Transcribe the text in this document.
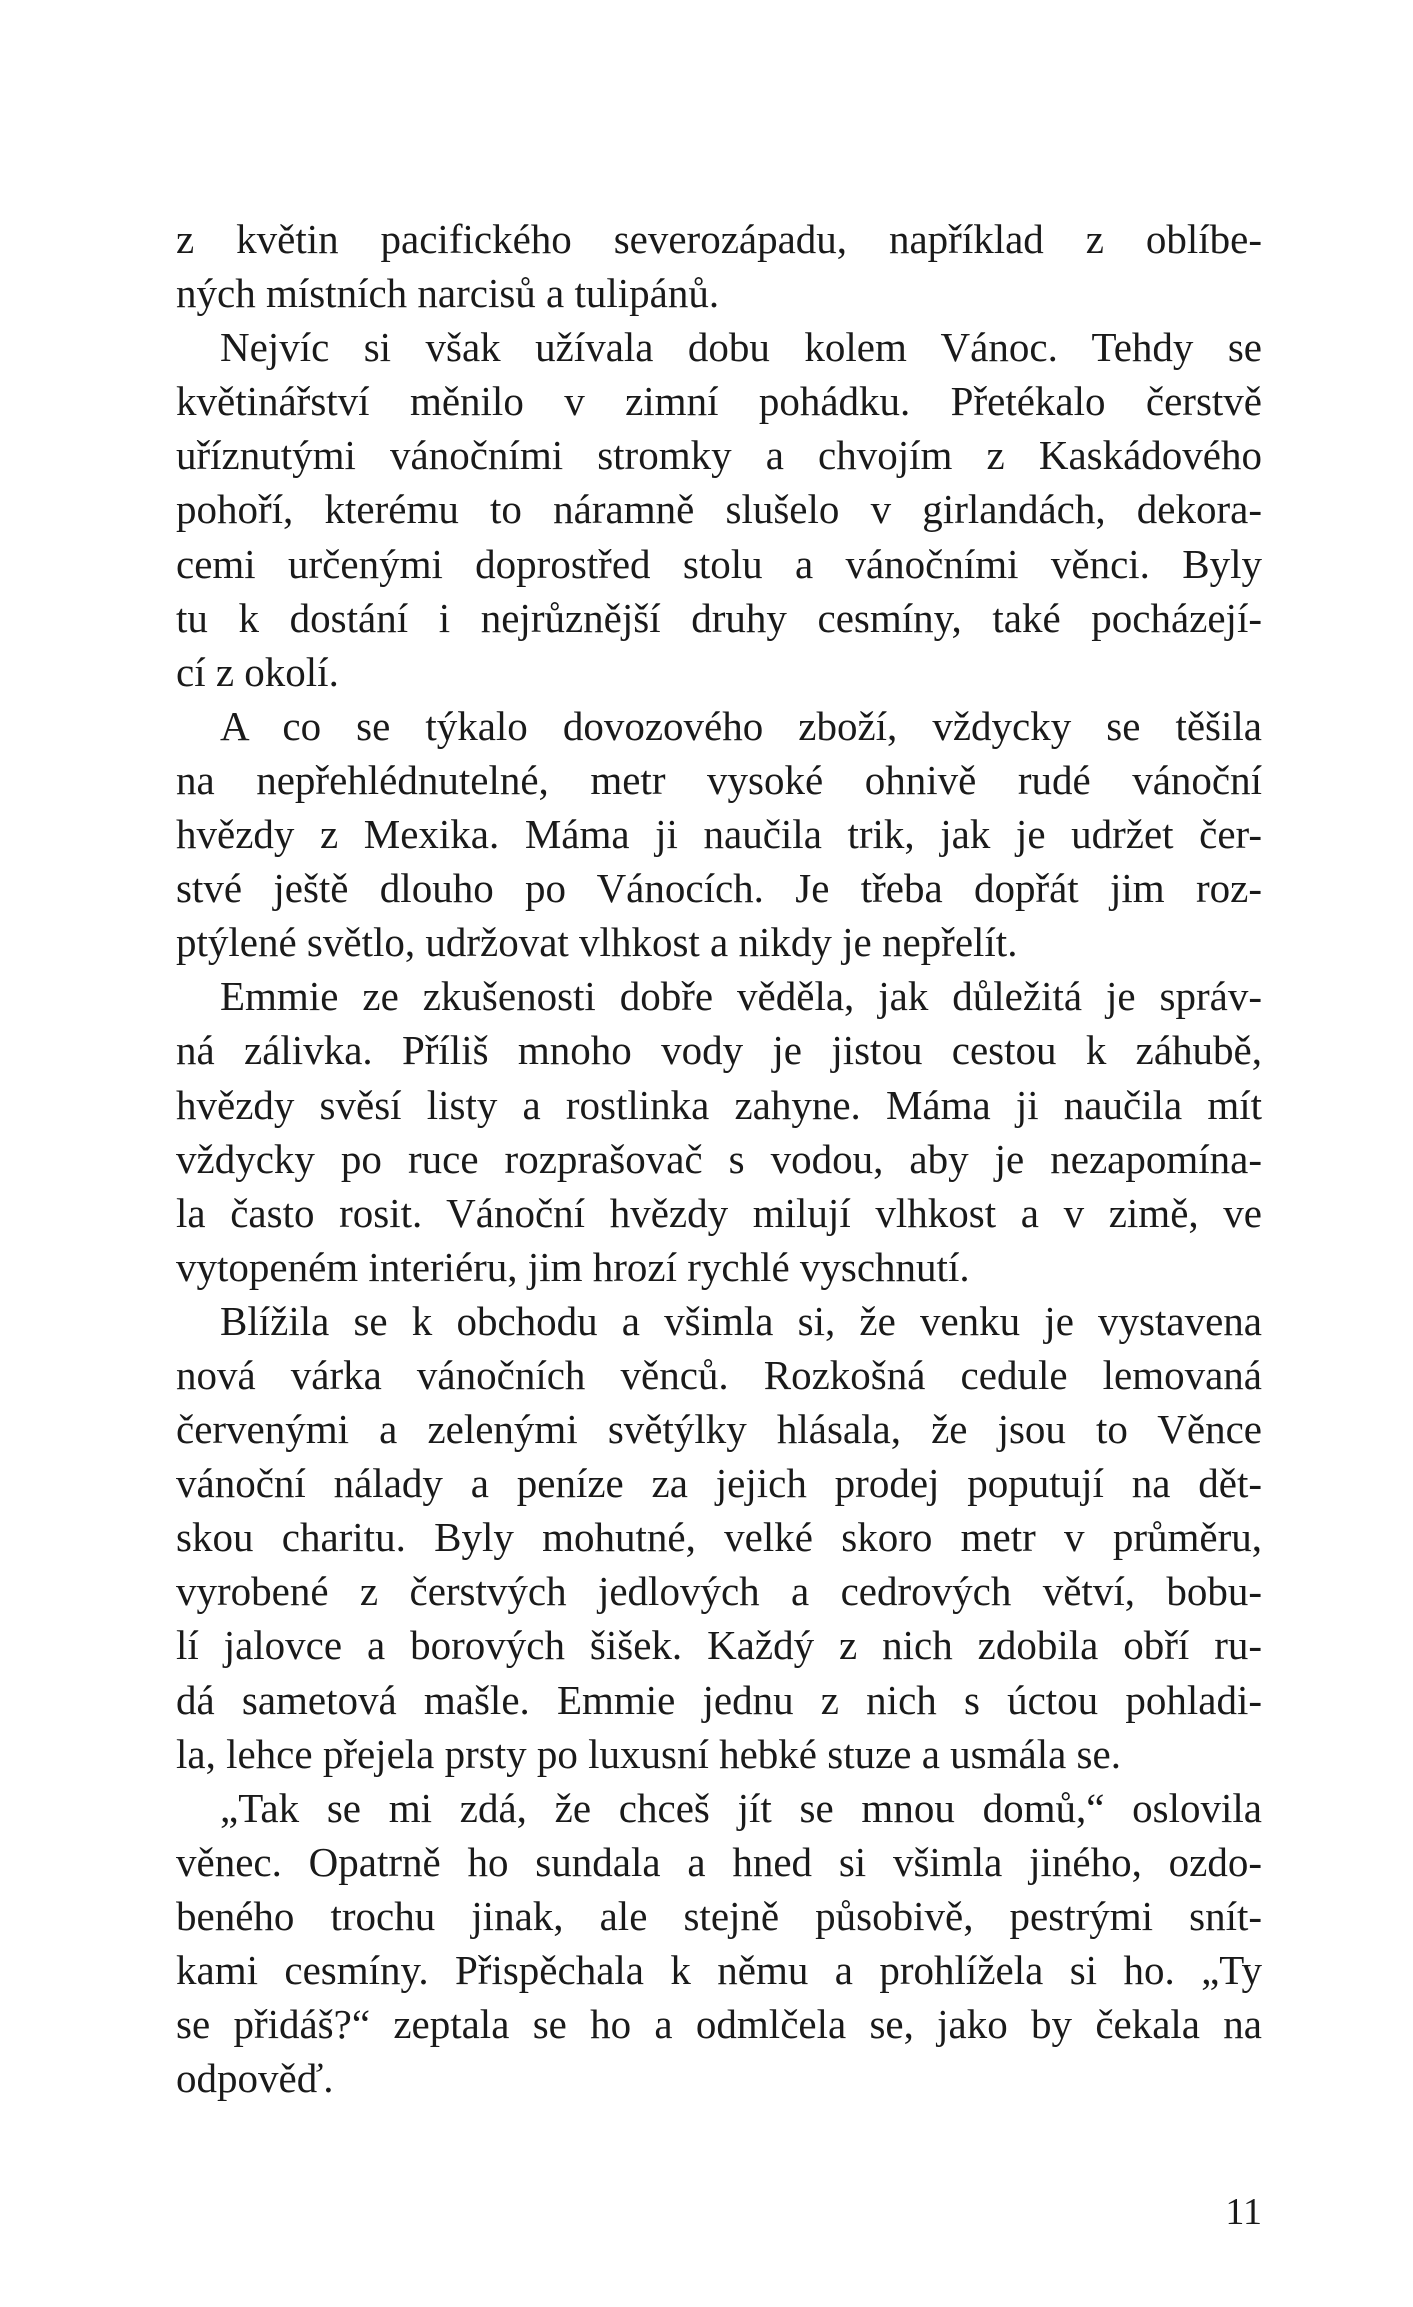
z květin pacifického severozápadu, například z oblíbe-
ných místních narcisů a tulipánů.
Nejvíc si však užívala dobu kolem Vánoc. Tehdy se
květinářství měnilo v zimní pohádku. Přetékalo čerstvě
uříznutými vánočními stromky a chvojím z Kaskádového
pohoří, kterému to náramně slušelo v girlandách, dekora-
cemi určenými doprostřed stolu a vánočními věnci. Byly
tu k dostání i nejrůznější druhy cesmíny, také pocházejí-
cí z okolí.
A co se týkalo dovozového zboží, vždycky se těšila
na nepřehlédnutelné, metr vysoké ohnivě rudé vánoční
hvězdy z Mexika. Máma ji naučila trik, jak je udržet čer-
stvé ještě dlouho po Vánocích. Je třeba dopřát jim roz-
ptýlené světlo, udržovat vlhkost a nikdy je nepřelít.
Emmie ze zkušenosti dobře věděla, jak důležitá je správ-
ná zálivka. Příliš mnoho vody je jistou cestou k záhubě,
hvězdy svěsí listy a rostlinka zahyne. Máma ji naučila mít
vždycky po ruce rozprašovač s vodou, aby je nezapomína-
la často rosit. Vánoční hvězdy milují vlhkost a v zimě, ve
vytopeném interiéru, jim hrozí rychlé vyschnutí.
Blížila se k obchodu a všimla si, že venku je vystavena
nová várka vánočních věnců. Rozkošná cedule lemovaná
červenými a zelenými světýlky hlásala, že jsou to Věnce
vánoční nálady a peníze za jejich prodej poputují na dět-
skou charitu. Byly mohutné, velké skoro metr v průměru,
vyrobené z čerstvých jedlových a cedrových větví, bobu-
lí jalovce a borových šišek. Každý z nich zdobila obří ru-
dá sametová mašle. Emmie jednu z nich s úctou pohladi-
la, lehce přejela prsty po luxusní hebké stuze a usmála se.
„Tak se mi zdá, že chceš jít se mnou domů,“ oslovila
věnec. Opatrně ho sundala a hned si všimla jiného, ozdo-
beného trochu jinak, ale stejně působivě, pestrými snít-
kami cesmíny. Přispěchala k němu a prohlížela si ho. „Ty
se přidáš?“ zeptala se ho a odmlčela se, jako by čekala na
odpověď.
11
